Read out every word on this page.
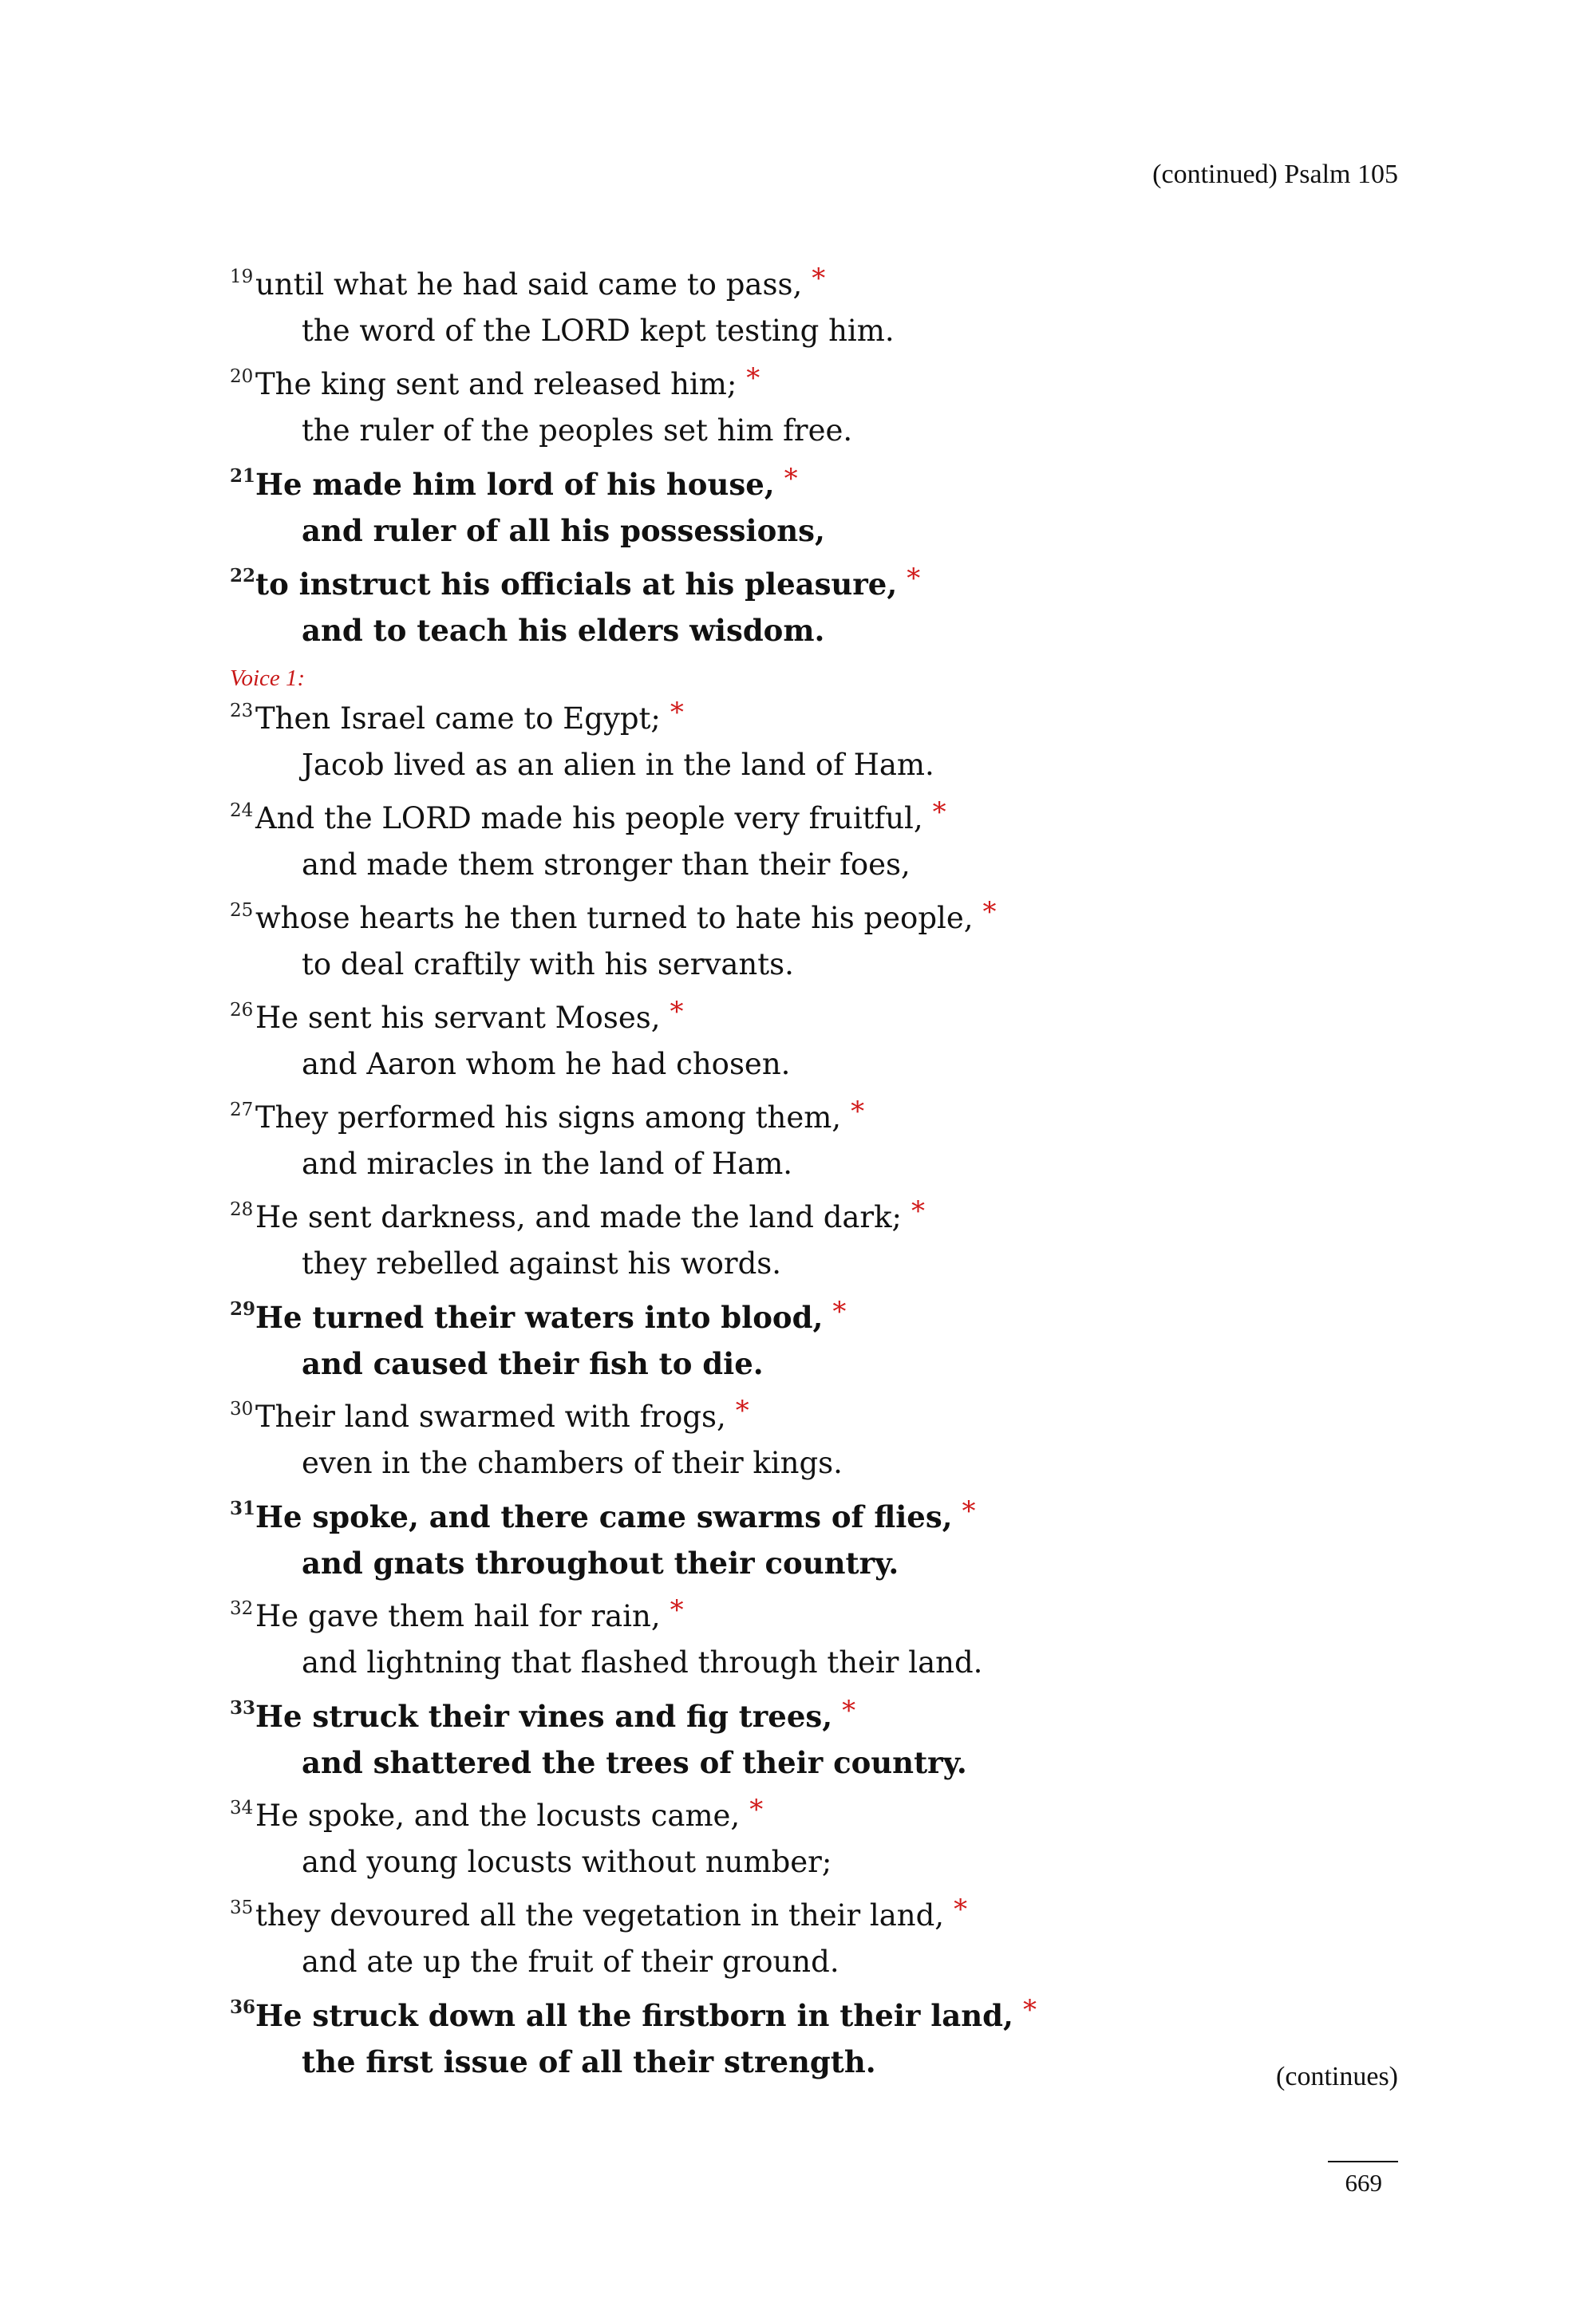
(continued) Psalm 105
19 until what he had said came to pass, *
the word of the LORD kept testing him.
20 The king sent and released him; *
the ruler of the peoples set him free.
21 He made him lord of his house, *
and ruler of all his possessions,
22 to instruct his officials at his pleasure, *
and to teach his elders wisdom.
Voice 1:
23 Then Israel came to Egypt; *
Jacob lived as an alien in the land of Ham.
24 And the LORD made his people very fruitful, *
and made them stronger than their foes,
25 whose hearts he then turned to hate his people, *
to deal craftily with his servants.
26 He sent his servant Moses, *
and Aaron whom he had chosen.
27 They performed his signs among them, *
and miracles in the land of Ham.
28 He sent darkness, and made the land dark; *
they rebelled against his words.
29 He turned their waters into blood, *
and caused their fish to die.
30 Their land swarmed with frogs, *
even in the chambers of their kings.
31 He spoke, and there came swarms of flies, *
and gnats throughout their country.
32 He gave them hail for rain, *
and lightning that flashed through their land.
33 He struck their vines and fig trees, *
and shattered the trees of their country.
34 He spoke, and the locusts came, *
and young locusts without number;
35 they devoured all the vegetation in their land, *
and ate up the fruit of their ground.
36 He struck down all the firstborn in their land, *
the first issue of all their strength.	(continues)
669
